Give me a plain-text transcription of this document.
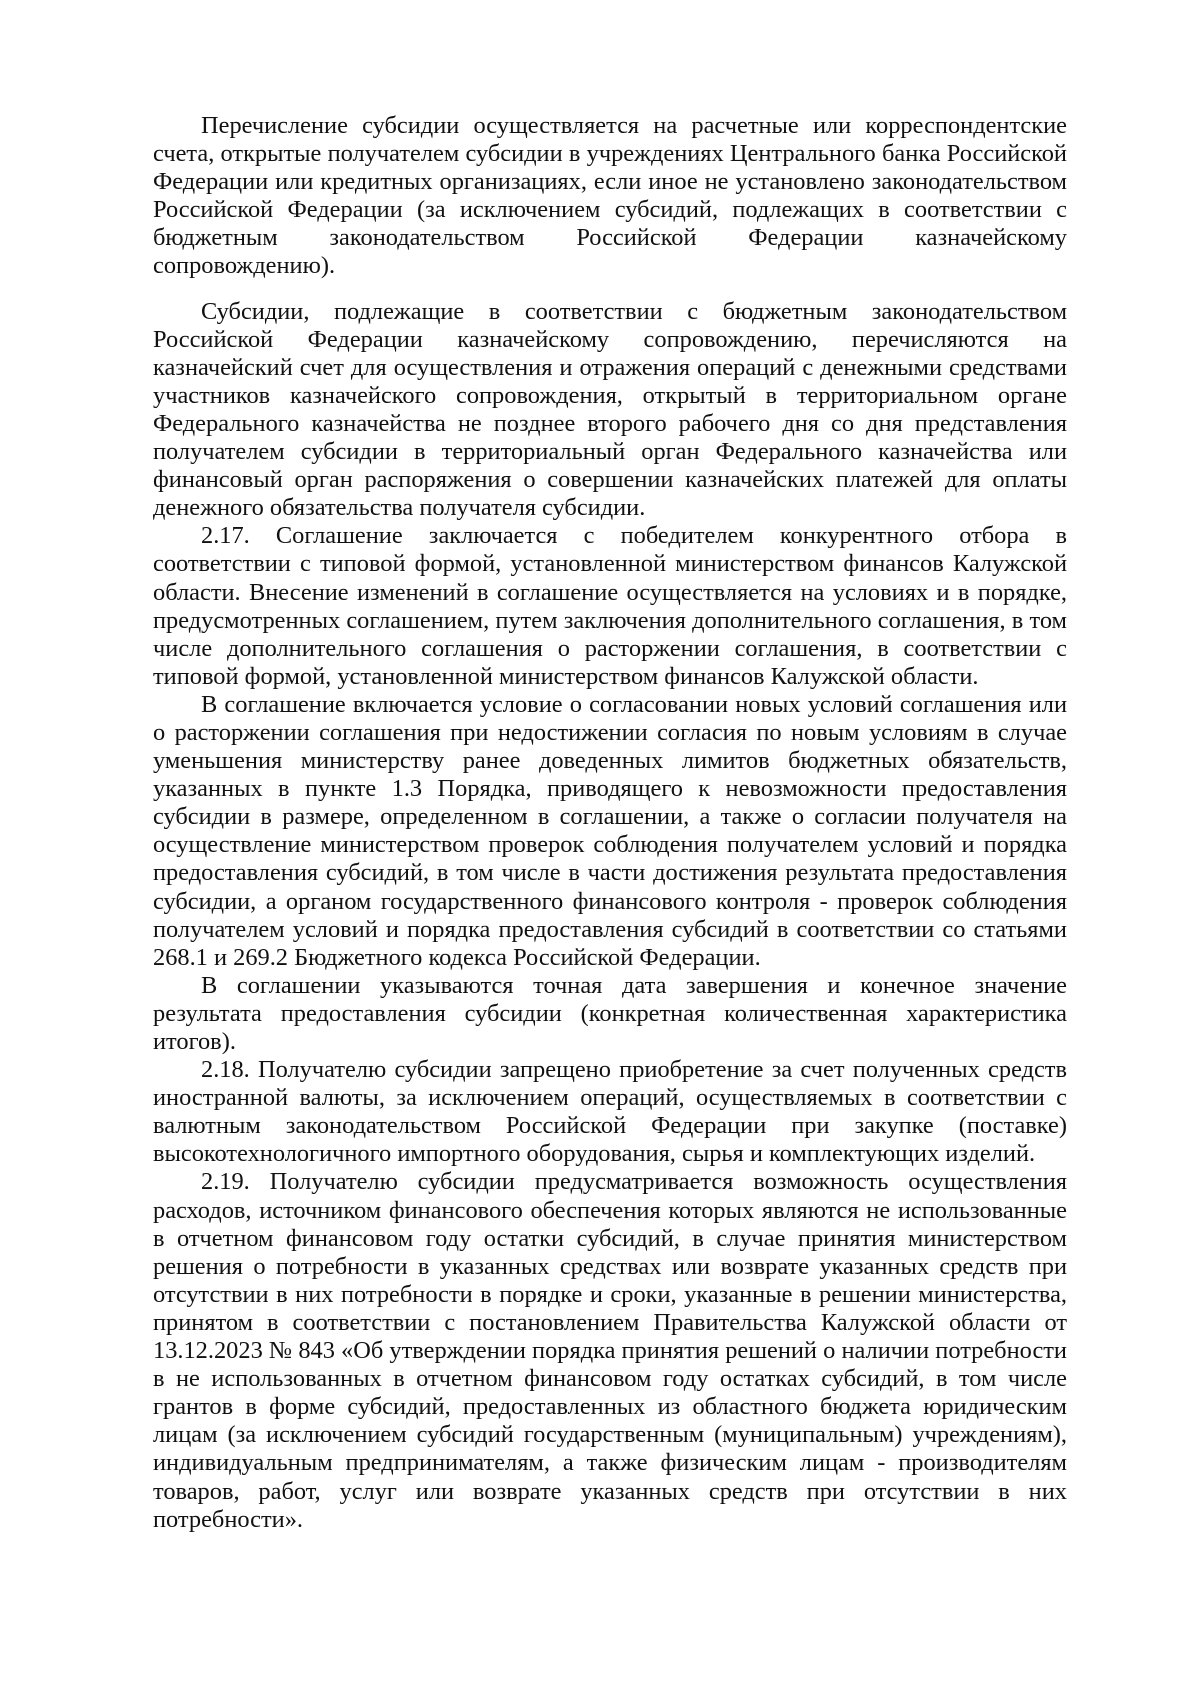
Перечисление субсидии осуществляется на расчетные или корреспондентские счета, открытые получателем субсидии в учреждениях Центрального банка Российской Федерации или кредитных организациях, если иное не установлено законодательством Российской Федерации (за исключением субсидий, подлежащих в соответствии с бюджетным законодательством Российской Федерации казначейскому сопровождению).

Субсидии, подлежащие в соответствии с бюджетным законодательством Российской Федерации казначейскому сопровождению, перечисляются на казначейский счет для осуществления и отражения операций с денежными средствами участников казначейского сопровождения, открытый в территориальном органе Федерального казначейства не позднее второго рабочего дня со дня представления получателем субсидии в территориальный орган Федерального казначейства или финансовый орган распоряжения о совершении казначейских платежей для оплаты денежного обязательства получателя субсидии.

2.17. Соглашение заключается с победителем конкурентного отбора в соответствии с типовой формой, установленной министерством финансов Калужской области. Внесение изменений в соглашение осуществляется на условиях и в порядке, предусмотренных соглашением, путем заключения дополнительного соглашения, в том числе дополнительного соглашения о расторжении соглашения, в соответствии с типовой формой, установленной министерством финансов Калужской области.

В соглашение включается условие о согласовании новых условий соглашения или о расторжении соглашения при недостижении согласия по новым условиям в случае уменьшения министерству ранее доведенных лимитов бюджетных обязательств, указанных в пункте 1.3 Порядка, приводящего к невозможности предоставления субсидии в размере, определенном в соглашении, а также о согласии получателя на осуществление министерством проверок соблюдения получателем условий и порядка предоставления субсидий, в том числе в части достижения результата предоставления субсидии, а органом государственного финансового контроля - проверок соблюдения получателем условий и порядка предоставления субсидий в соответствии со статьями 268.1 и 269.2 Бюджетного кодекса Российской Федерации.

В соглашении указываются точная дата завершения и конечное значение результата предоставления субсидии (конкретная количественная характеристика итогов).

2.18. Получателю субсидии запрещено приобретение за счет полученных средств иностранной валюты, за исключением операций, осуществляемых в соответствии с валютным законодательством Российской Федерации при закупке (поставке) высокотехнологичного импортного оборудования, сырья и комплектующих изделий.

2.19. Получателю субсидии предусматривается возможность осуществления расходов, источником финансового обеспечения которых являются не использованные в отчетном финансовом году остатки субсидий, в случае принятия министерством решения о потребности в указанных средствах или возврате указанных средств при отсутствии в них потребности в порядке и сроки, указанные в решении министерства, принятом в соответствии с постановлением Правительства Калужской области от 13.12.2023 № 843 «Об утверждении порядка принятия решений о наличии потребности в не использованных в отчетном финансовом году остатках субсидий, в том числе грантов в форме субсидий, предоставленных из областного бюджета юридическим лицам (за исключением субсидий государственным (муниципальным) учреждениям), индивидуальным предпринимателям, а также физическим лицам - производителям товаров, работ, услуг или возврате указанных средств при отсутствии в них потребности».
